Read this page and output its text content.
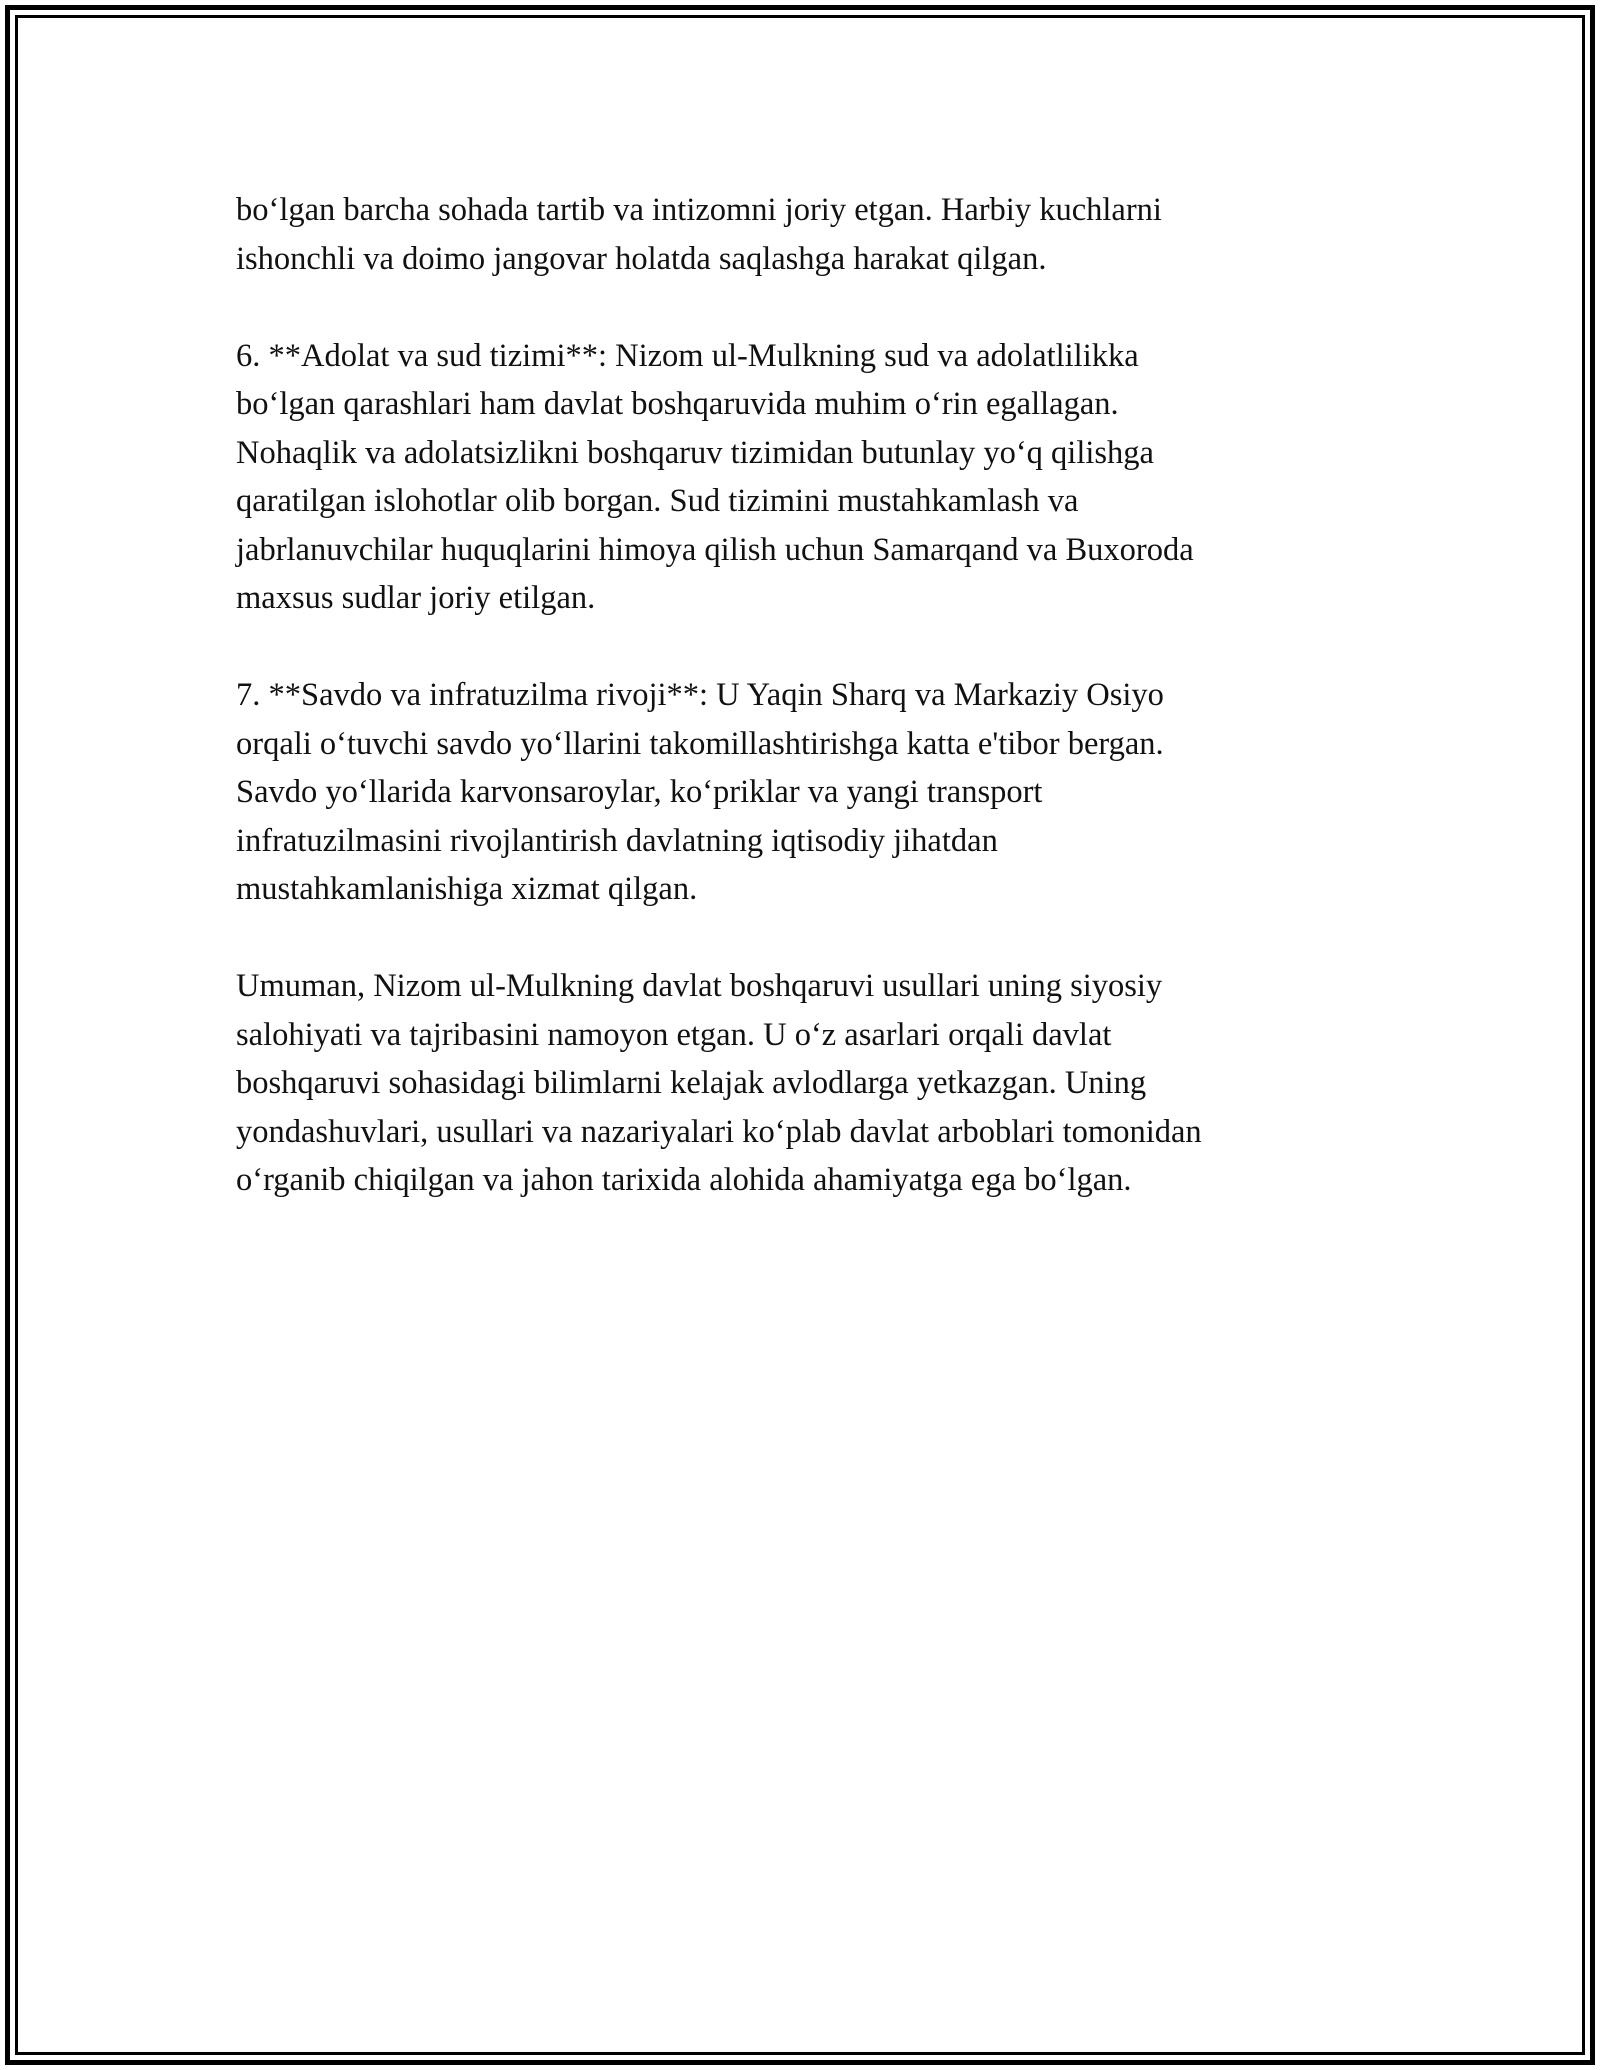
bo‘lgan barcha sohada tartib va intizomni joriy etgan. Harbiy kuchlarni
ishonchli va doimo jangovar holatda saqlashga harakat qilgan.
6. **Adolat va sud tizimi**: Nizom ul-Mulkning sud va adolatlilikka
bo‘lgan qarashlari ham davlat boshqaruvida muhim o‘rin egallagan.
Nohaqlik va adolatsizlikni boshqaruv tizimidan butunlay yo‘q qilishga
qaratilgan islohotlar olib borgan. Sud tizimini mustahkamlash va
jabrlanuvchilar huquqlarini himoya qilish uchun Samarqand va Buxoroda
maxsus sudlar joriy etilgan.
7. **Savdo va infratuzilma rivoji**: U Yaqin Sharq va Markaziy Osiyo
orqali o‘tuvchi savdo yo‘llarini takomillashtirishga katta e'tibor bergan.
Savdo yo‘llarida karvonsaroylar, ko‘priklar va yangi transport
infratuzilmasini rivojlantirish davlatning iqtisodiy jihatdan
mustahkamlanishiga xizmat qilgan.
Umuman, Nizom ul-Mulkning davlat boshqaruvi usullari uning siyosiy
salohiyati va tajribasini namoyon etgan. U o‘z asarlari orqali davlat
boshqaruvi sohasidagi bilimlarni kelajak avlodlarga yetkazgan. Uning
yondashuvlari, usullari va nazariyalari ko‘plab davlat arboblari tomonidan
o‘rganib chiqilgan va jahon tarixida alohida ahamiyatga ega bo‘lgan.
